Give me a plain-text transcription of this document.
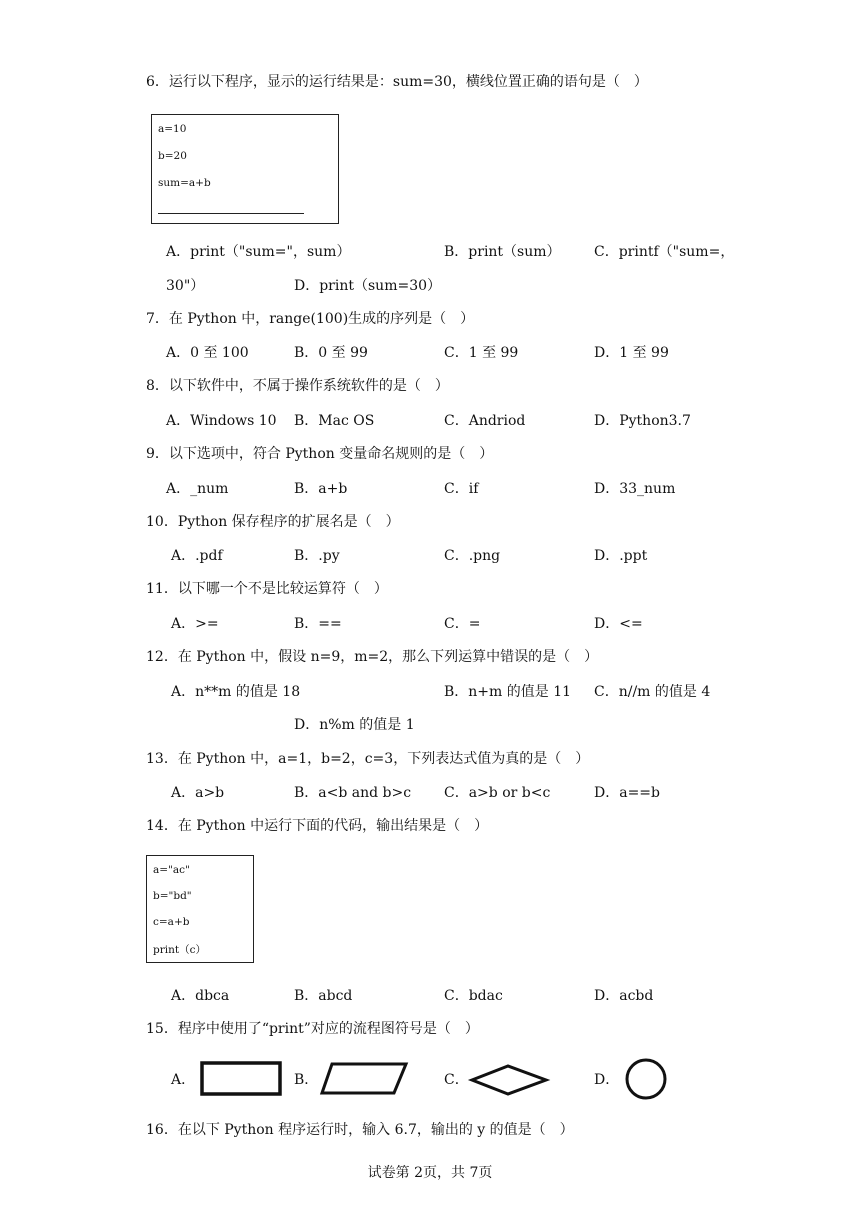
6．运行以下程序，显示的运行结果是：sum=30，横线位置正确的语句是（　）
a=10
b=20
sum=a+b
A．print（"sum="，sum）	B．print（sum） C．printf（"sum=，
30"）	D．print（sum=30）
7．在 Python 中，range(100)生成的序列是（　）
A．0 至 100	B．0 至 99	C．1 至 99	D．1 至 99
8．以下软件中，不属于操作系统软件的是（　）
A．Windows 10 B．Mac OS	C．Andriod	D．Python3.7
9．以下选项中，符合 Python 变量命名规则的是（　）
A．_num	B．a+b	C．if	D．33_num
10．Python 保存程序的扩展名是（　）
A．.pdf	B．.py	C．.png	D．.ppt
11．以下哪一个不是比较运算符（　）
A．>=	B．==	C．=	D．<=
12．在 Python 中，假设 n=9，m=2，那么下列运算中错误的是（　）
A．n**m 的值是 18	B．n+m 的值是 11 C．n//m 的值是 4
D．n%m 的值是 1
13．在 Python 中，a=1，b=2，c=3，下列表达式值为真的是（　）
A．a>b	B．a<b and b>c C．a>b or b<c	D．a==b
14．在 Python 中运行下面的代码，输出结果是（　）
a="ac"
b="bd"
c=a+b
print（c）
A．dbca	B．abcd	C．bdac	D．acbd
15．程序中使用了“print”对应的流程图符号是（　）
A．	B．	C．	D．
16．在以下 Python 程序运行时，输入 6.7，输出的 y 的值是（　）
试卷第 2页，共 7页
